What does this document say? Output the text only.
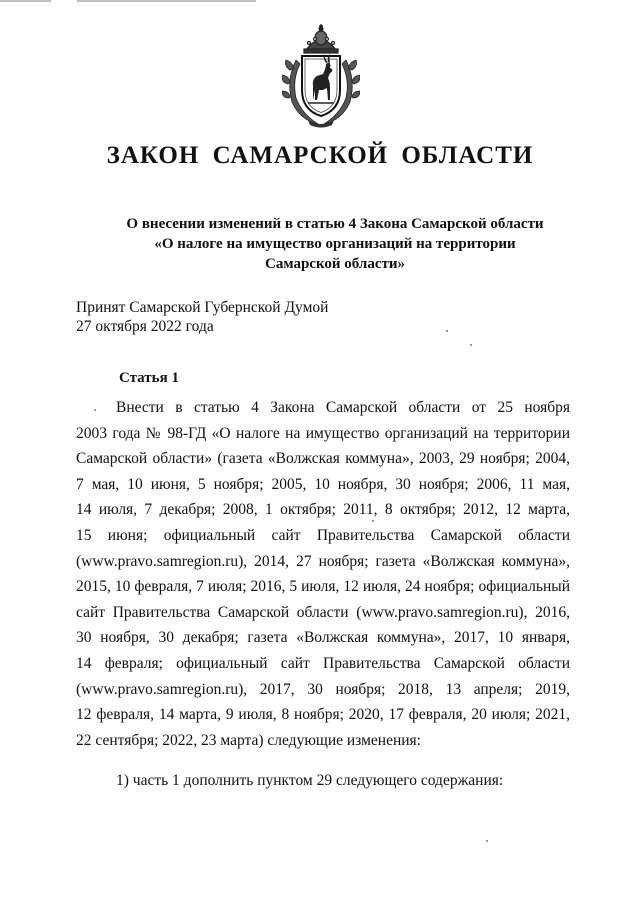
ЗАКОН САМАРСКОЙ ОБЛАСТИ
О внесении изменений в статью 4 Закона Самарской области
«О налоге на имущество организаций на территории
Самарской области»
Принят Самарской Губернской Думой
27 октября 2022 года
Статья 1
Внести в статью 4 Закона Самарской области от 25 ноября
2003 года № 98-ГД «О налоге на имущество организаций на территории
Самарской области» (газета «Волжская коммуна», 2003, 29 ноября; 2004,
7 мая, 10 июня, 5 ноября; 2005, 10 ноября, 30 ноября; 2006, 11 мая,
14 июля, 7 декабря; 2008, 1 октября; 2011, 8 октября; 2012, 12 марта,
15 июня; официальный сайт Правительства Самарской области
(www.pravo.samregion.ru), 2014, 27 ноября; газета «Волжская коммуна»,
2015, 10 февраля, 7 июля; 2016, 5 июля, 12 июля, 24 ноября; официальный
сайт Правительства Самарской области (www.pravo.samregion.ru), 2016,
30 ноября, 30 декабря; газета «Волжская коммуна», 2017, 10 января,
14 февраля; официальный сайт Правительства Самарской области
(www.pravo.samregion.ru), 2017, 30 ноября; 2018, 13 апреля; 2019,
12 февраля, 14 марта, 9 июля, 8 ноября; 2020, 17 февраля, 20 июля; 2021,
22 сентября; 2022, 23 марта) следующие изменения:
1) часть 1 дополнить пунктом 29 следующего содержания:
